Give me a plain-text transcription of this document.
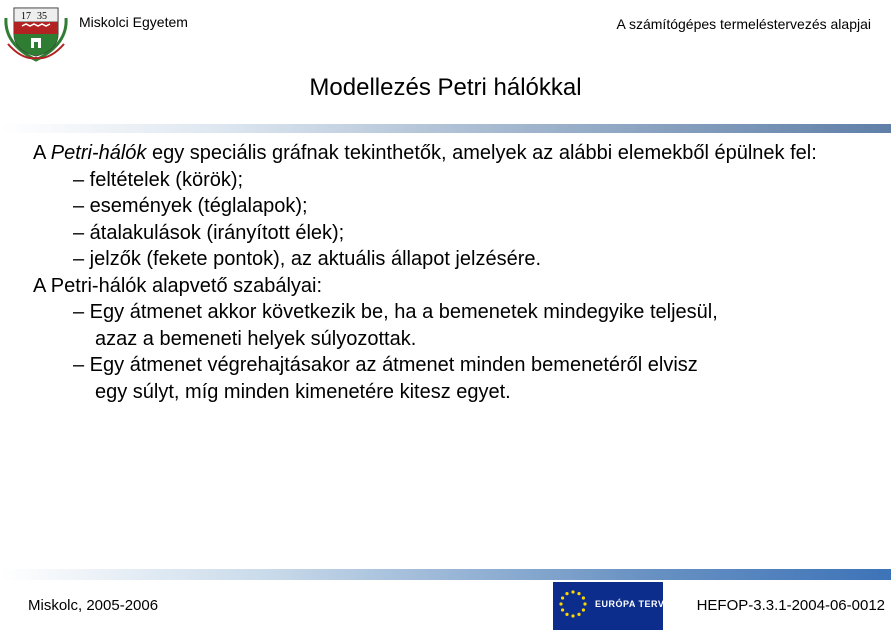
17 35 Miskolci Egyetem	A számítógépes termeléstervezés alapjai
Modellezés Petri hálókkal

A Petri-hálók egy speciális gráfnak tekinthetők, amelyek az alábbi elemekből épülnek fel:

– feltételek (körök);

– események (téglalapok);

– átalakulások (irányított élek);

– jelzők (fekete pontok), az aktuális állapot jelzésére.

A Petri-hálók alapvető szabályai:

– Egy átmenet akkor következik be, ha a bemenetek mindegyike teljesül,

azaz a bemeneti helyek súlyozottak.

– Egy átmenet végrehajtásakor az átmenet minden bemenetéről elvisz

egy súlyt, míg minden kimenetére kitesz egyet.

Miskolc, 2005-2006	EURÓPA TERV HEFOP-3.3.1-2004-06-0012
